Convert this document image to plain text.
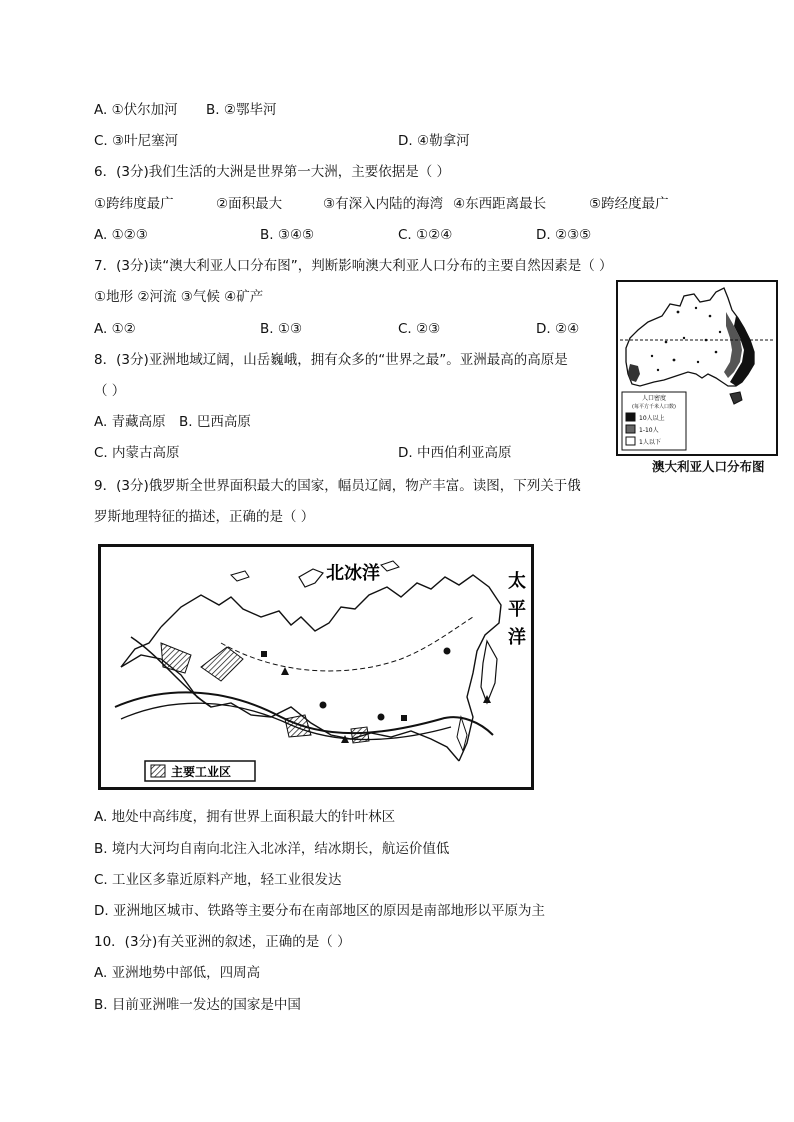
A. ①伏尔加河 B. ②鄂毕河
C. ③叶尼塞河	D. ④勒拿河
6．(3分)我们生活的大洲是世界第一大洲，主要依据是（ ）
①跨纬度最广	②面积最大	③有深入内陆的海湾 ④东西距离最长	⑤跨经度最广
A. ①②③	B. ③④⑤	C. ①②④	D. ②③⑤
7．(3分)读“澳大利亚人口分布图”，判断影响澳大利亚人口分布的主要自然因素是（ ）
①地形 ②河流 ③气候 ④矿产
A. ①②	B. ①③	C. ②③	D. ②④
人口密度
(每平方千米人口数)
10人以上
1-10人
1人以下
澳大利亚人口分布图
8．(3分)亚洲地域辽阔，山岳巍峨，拥有众多的“世界之最”。亚洲最高的高原是
（ ）
A. 青藏高原 B. 巴西高原
C. 内蒙古高原	D. 中西伯利亚高原
9．(3分)俄罗斯全世界面积最大的国家，幅员辽阔，物产丰富。读图，下列关于俄
罗斯地理特征的描述，正确的是（ ）
北冰洋	太
平
洋
主要工业区
A. 地处中高纬度，拥有世界上面积最大的针叶林区
B. 境内大河均自南向北注入北冰洋，结冰期长，航运价值低
C. 工业区多靠近原料产地，轻工业很发达
D. 亚洲地区城市、铁路等主要分布在南部地区的原因是南部地形以平原为主
10．(3分)有关亚洲的叙述，正确的是（ ）
A. 亚洲地势中部低，四周高
B. 目前亚洲唯一发达的国家是中国
